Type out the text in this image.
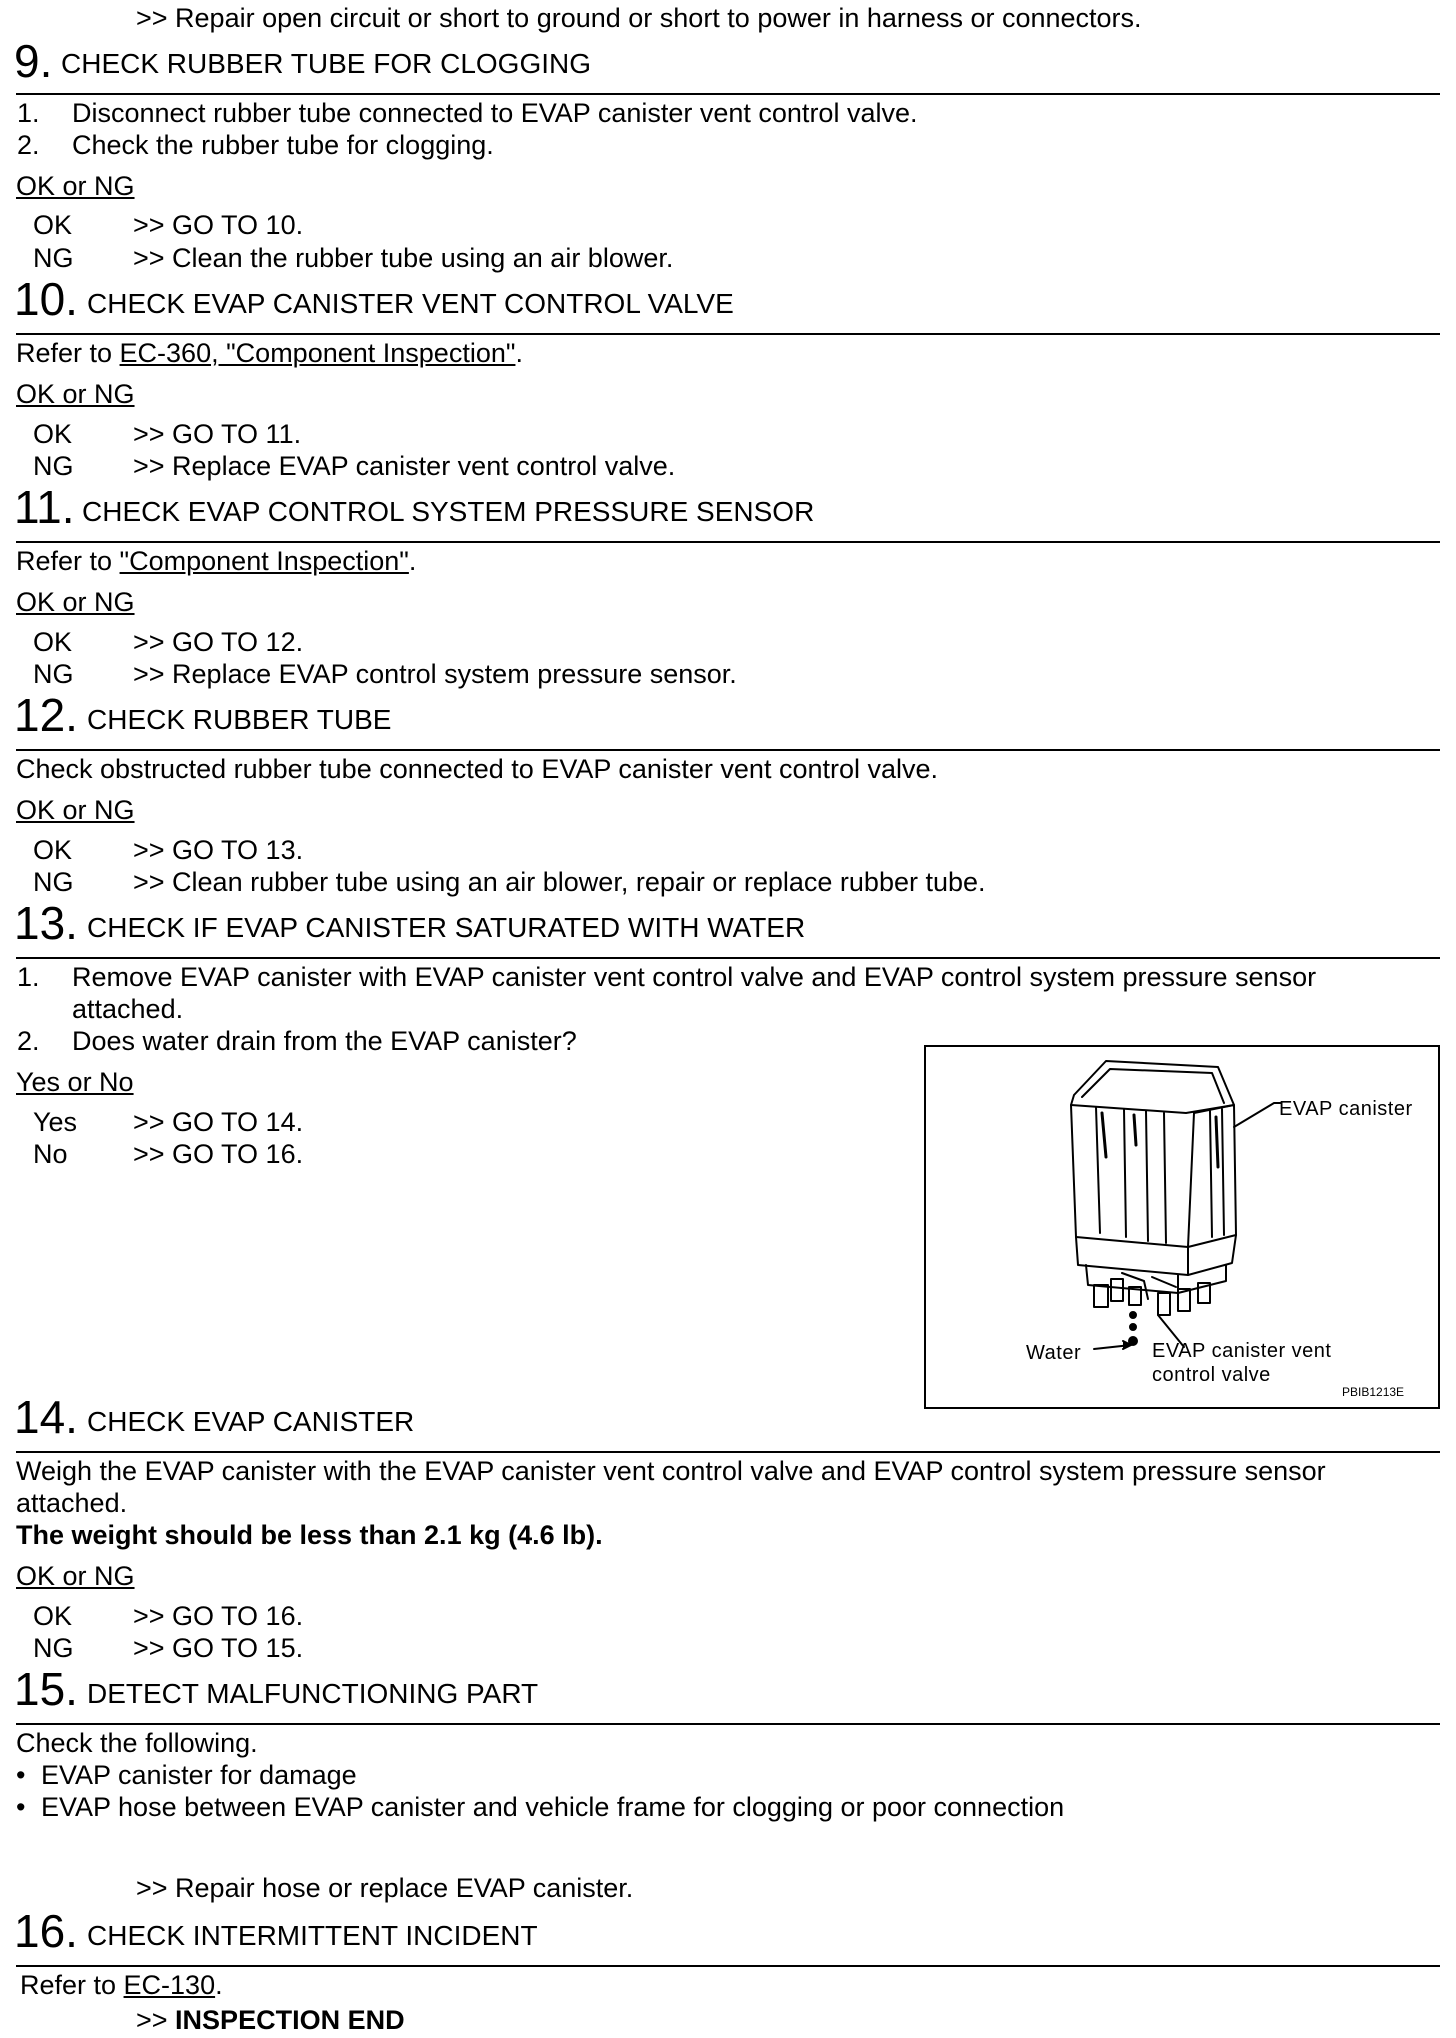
>> Repair open circuit or short to ground or short to power in harness or connectors.
9. CHECK RUBBER TUBE FOR CLOGGING
1. Disconnect rubber tube connected to EVAP canister vent control valve.
2. Check the rubber tube for clogging.
OK or NG
OK >> GO TO 10.
NG >> Clean the rubber tube using an air blower.
10. CHECK EVAP CANISTER VENT CONTROL VALVE
Refer to EC-360, "Component Inspection".
OK or NG
OK >> GO TO 11.
NG >> Replace EVAP canister vent control valve.
11. CHECK EVAP CONTROL SYSTEM PRESSURE SENSOR
Refer to "Component Inspection".
OK or NG
OK >> GO TO 12.
NG >> Replace EVAP control system pressure sensor.
12. CHECK RUBBER TUBE
Check obstructed rubber tube connected to EVAP canister vent control valve.
OK or NG
OK >> GO TO 13.
NG >> Clean rubber tube using an air blower, repair or replace rubber tube.
13. CHECK IF EVAP CANISTER SATURATED WITH WATER
1. Remove EVAP canister with EVAP canister vent control valve and EVAP control system pressure sensor
attached.
2. Does water drain from the EVAP canister?
Yes or No
Yes >> GO TO 14.
No >> GO TO 16.
EVAP canister
Water	EVAP canister vent
control valve
PBIB1213E
14. CHECK EVAP CANISTER
Weigh the EVAP canister with the EVAP canister vent control valve and EVAP control system pressure sensor
attached.
The weight should be less than 2.1 kg (4.6 lb).
OK or NG
OK >> GO TO 16.
NG >> GO TO 15.
15. DETECT MALFUNCTIONING PART
Check the following.
• EVAP canister for damage
• EVAP hose between EVAP canister and vehicle frame for clogging or poor connection
>> Repair hose or replace EVAP canister.
16. CHECK INTERMITTENT INCIDENT
Refer to EC-130.
>> INSPECTION END
